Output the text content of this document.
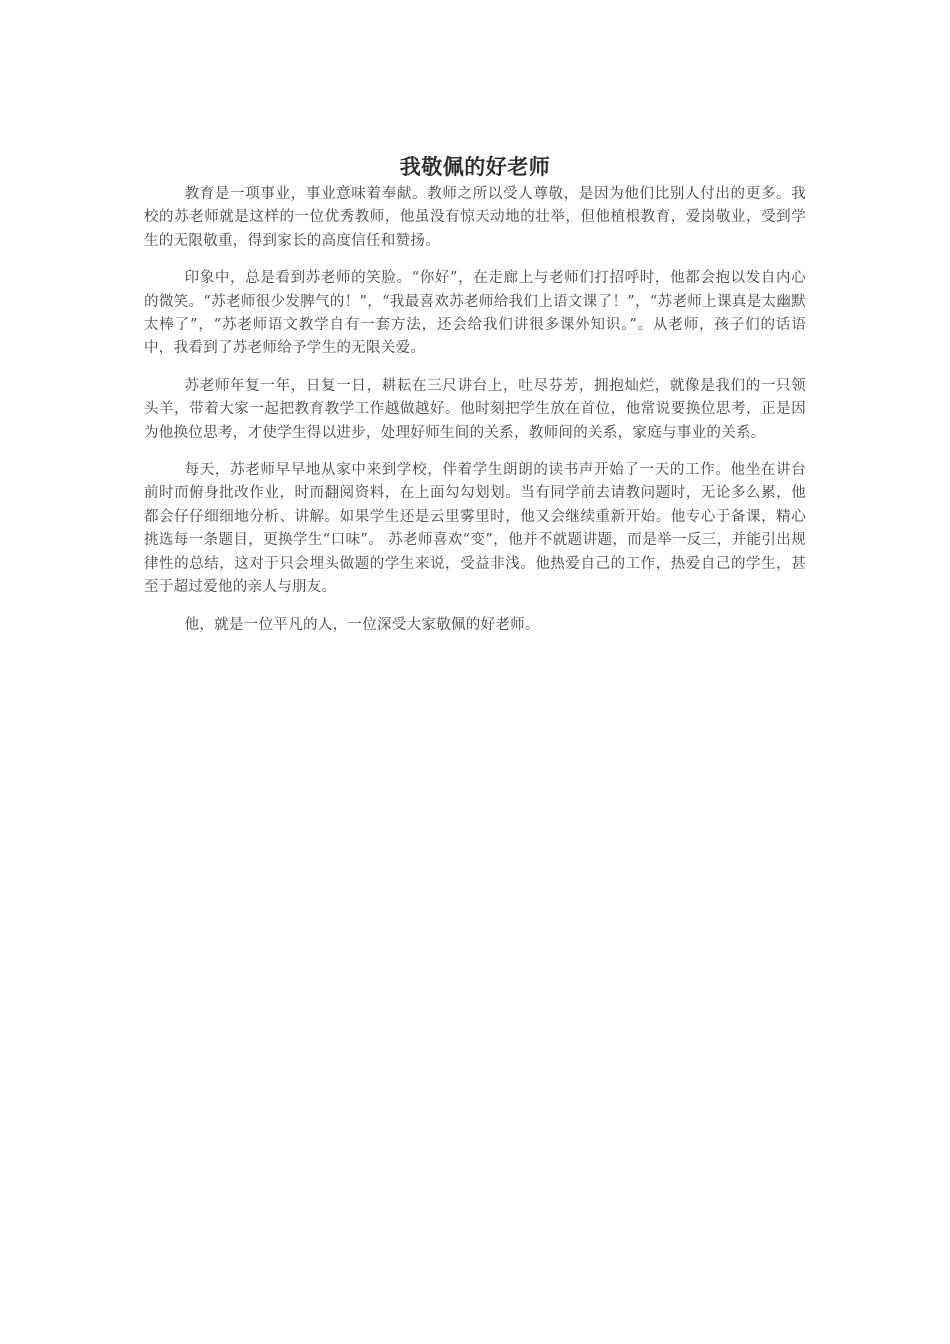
我敬佩的好老师

教育是一项事业，事业意味着奉献。教师之所以受人尊敬，是因为他们比别人付出的更多。我校的苏老师就是这样的一位优秀教师，他虽没有惊天动地的壮举，但他植根教育，爱岗敬业，受到学生的无限敬重，得到家长的高度信任和赞扬。

印象中，总是看到苏老师的笑脸。“你好”，在走廊上与老师们打招呼时，他都会抱以发自内心的微笑。“苏老师很少发脾气的！”，“我最喜欢苏老师给我们上语文课了！”，“苏老师上课真是太幽默太棒了”，“苏老师语文教学自有一套方法，还会给我们讲很多课外知识。”。从老师，孩子们的话语中，我看到了苏老师给予学生的无限关爱。

苏老师年复一年，日复一日，耕耘在三尺讲台上，吐尽芬芳，拥抱灿烂，就像是我们的一只领头羊，带着大家一起把教育教学工作越做越好。他时刻把学生放在首位，他常说要换位思考，正是因为他换位思考，才使学生得以进步，处理好师生间的关系，教师间的关系，家庭与事业的关系。

每天，苏老师早早地从家中来到学校，伴着学生朗朗的读书声开始了一天的工作。他坐在讲台前时而俯身批改作业，时而翻阅资料，在上面勾勾划划。当有同学前去请教问题时，无论多么累，他都会仔仔细细地分析、讲解。如果学生还是云里雾里时，他又会继续重新开始。他专心于备课，精心挑选每一条题目，更换学生“口味”。 苏老师喜欢“变”，他并不就题讲题，而是举一反三，并能引出规律性的总结，这对于只会埋头做题的学生来说，受益非浅。他热爱自己的工作，热爱自己的学生，甚至于超过爱他的亲人与朋友。

他，就是一位平凡的人，一位深受大家敬佩的好老师。
